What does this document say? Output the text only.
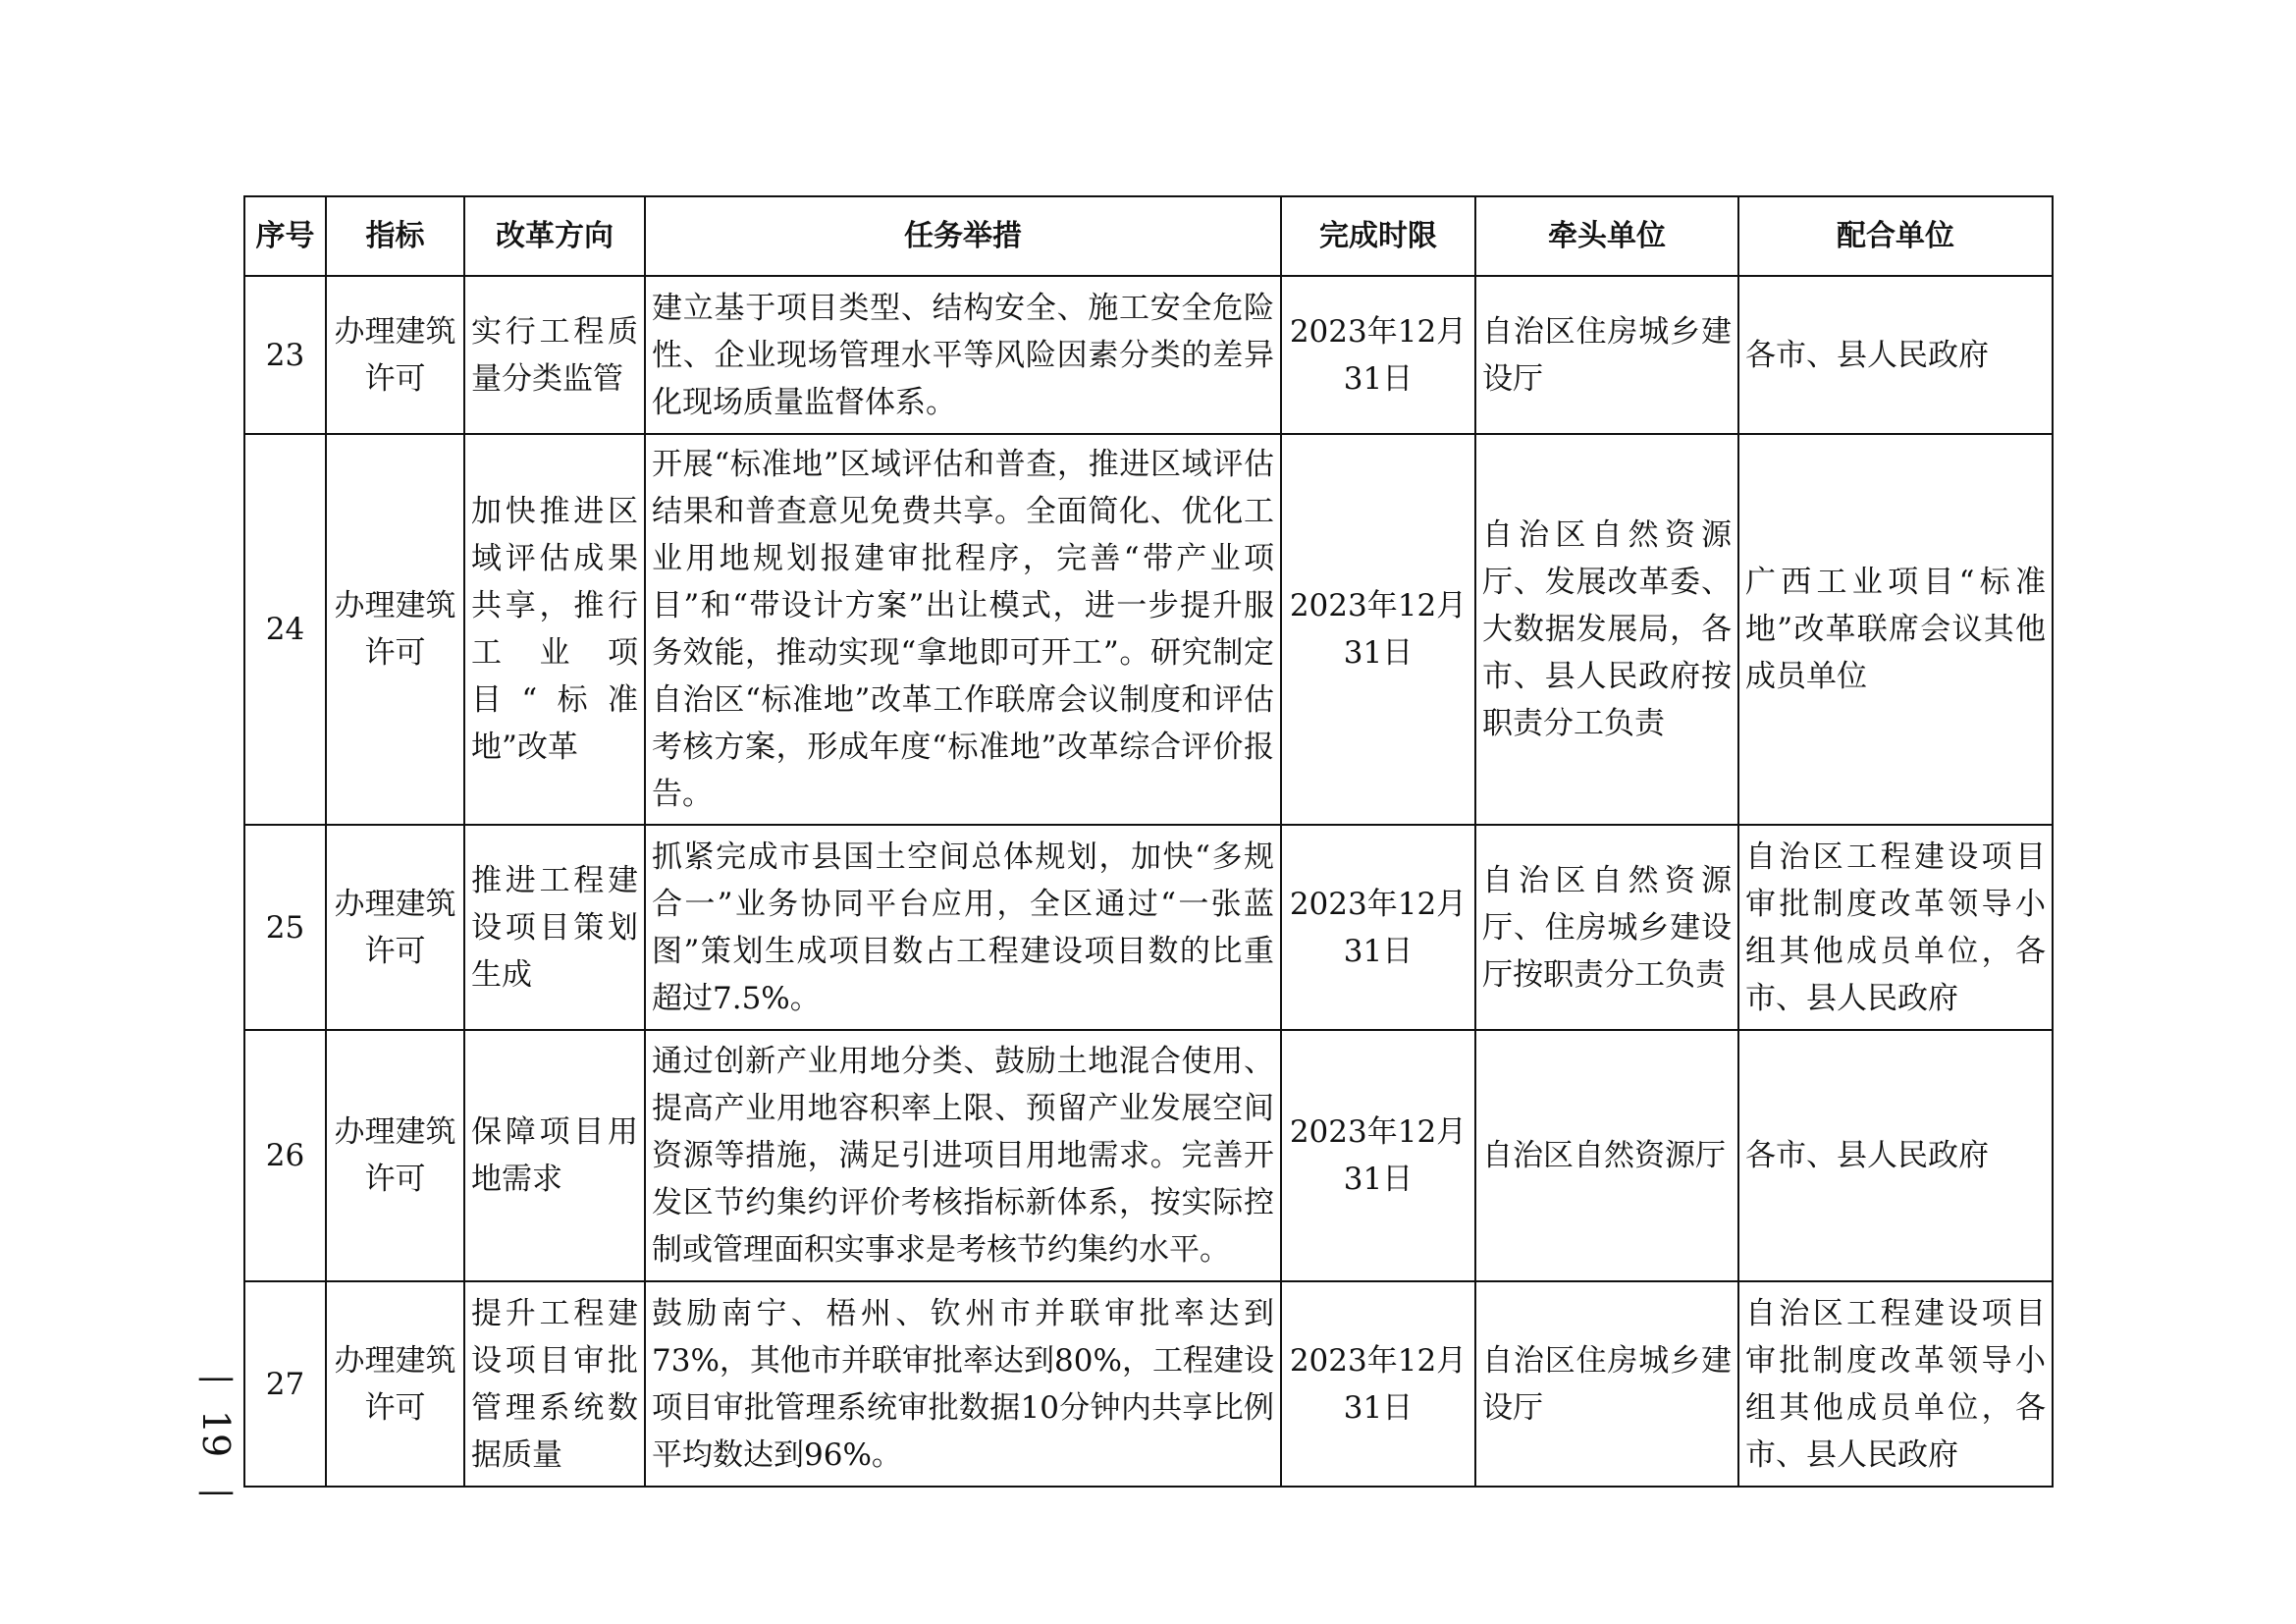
序号	指标	改革方向	任务举措	完成时限	牵头单位	配合单位
23	办理建筑许可	实行工程质量分类监管	建立基于项目类型、结构安全、施工安全危险性、企业现场管理水平等风险因素分类的差异化现场质量监督体系。	2023年12月31日	自治区住房城乡建设厅	各市、县人民政府
24	办理建筑许可	加快推进区域评估成果共享，推行工业项目“标准地”改革	开展“标准地”区域评估和普查，推进区域评估结果和普查意见免费共享。全面简化、优化工业用地规划报建审批程序，完善“带产业项目”和“带设计方案”出让模式，进一步提升服务效能，推动实现“拿地即可开工”。研究制定自治区“标准地”改革工作联席会议制度和评估考核方案，形成年度“标准地”改革综合评价报告。	2023年12月31日	自治区自然资源厅、发展改革委、大数据发展局，各市、县人民政府按职责分工负责	广西工业项目“标准地”改革联席会议其他成员单位
25	办理建筑许可	推进工程建设项目策划生成	抓紧完成市县国土空间总体规划，加快“多规合一”业务协同平台应用，全区通过“一张蓝图”策划生成项目数占工程建设项目数的比重超过7.5%。	2023年12月31日	自治区自然资源厅、住房城乡建设厅按职责分工负责	自治区工程建设项目审批制度改革领导小组其他成员单位，各市、县人民政府
26	办理建筑许可	保障项目用地需求	通过创新产业用地分类、鼓励土地混合使用、提高产业用地容积率上限、预留产业发展空间资源等措施，满足引进项目用地需求。完善开发区节约集约评价考核指标新体系，按实际控制或管理面积实事求是考核节约集约水平。	2023年12月31日	自治区自然资源厅	各市、县人民政府
27	办理建筑许可	提升工程建设项目审批管理系统数据质量	鼓励南宁、梧州、钦州市并联审批率达到73%，其他市并联审批率达到80%，工程建设项目审批管理系统审批数据10分钟内共享比例平均数达到96%。	2023年12月31日	自治区住房城乡建设厅	自治区工程建设项目审批制度改革领导小组其他成员单位，各市、县人民政府
—
19
—
